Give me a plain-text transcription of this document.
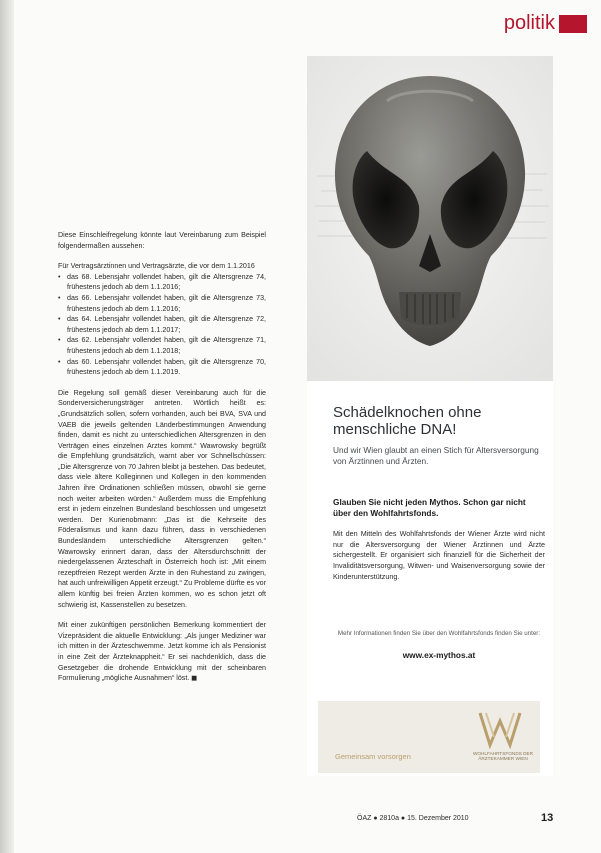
politik

Diese Einschleifregelung könnte laut Vereinbarung zum Beispiel folgendermaßen aussehen:

Für Vertragsärztinnen und Vertragsärzte, die vor dem 1.1.2016

• das 68. Lebensjahr vollendet haben, gilt die Altersgrenze 74, frühestens jedoch ab dem 1.1.2016;
• das 66. Lebensjahr vollendet haben, gilt die Altersgrenze 73, frühestens jedoch ab dem 1.1.2016;
• das 64. Lebensjahr vollendet haben, gilt die Altersgrenze 72, frühestens jedoch ab dem 1.1.2017;
• das 62. Lebensjahr vollendet haben, gilt die Altersgrenze 71, frühestens jedoch ab dem 1.1.2018;
• das 60. Lebensjahr vollendet haben, gilt die Altersgrenze 70, frühestens jedoch ab dem 1.1.2019.

Die Regelung soll gemäß dieser Vereinbarung auch für die Sonderversicherungsträger antreten. Wörtlich heißt es: „Grundsätzlich sollen, sofern vorhanden, auch bei BVA, SVA und VAEB die jeweils geltenden Länderbestimmungen Anwendung finden, damit es nicht zu unterschiedlichen Altersgrenzen in den Verträgen eines einzelnen Arztes kommt.“ Wawrowsky begrüßt die Empfehlung grundsätzlich, warnt aber vor Schnellschüssen: „Die Altersgrenze von 70 Jahren bleibt ja bestehen. Das bedeutet, dass viele ältere Kolleginnen und Kollegen in den kommenden Jahren ihre Ordinationen schließen müssen, obwohl sie gerne noch weiter arbeiten würden.“ Außerdem muss die Empfehlung erst in jedem einzelnen Bundesland beschlossen und umgesetzt werden. Der Kurienobmann: „Das ist die Kehrseite des Föderalismus und kann dazu führen, dass in verschiedenen Bundesländern unterschiedliche Altersgrenzen gelten.“ Wawrowsky erinnert daran, dass der Altersdurchschnitt der niedergelassenen Ärzteschaft in Österreich hoch ist: „Mit einem rezeptfreien Rezept werden Ärzte in den Ruhestand zu zwingen, hat auch unfreiwilligen Appetit erzeugt.“ Zu Probleme dürfte es vor allem künftig bei freien Ärzten kommen, wo es schon jetzt oft schwierig ist, Kassenstellen zu besetzen.

Mit einer zukünftigen persönlichen Bemerkung kommentiert der Vizepräsident die aktuelle Entwicklung: „Als junger Mediziner war ich mitten in der Ärzteschwemme. Jetzt komme ich als Pensionist in eine Zeit der Ärzteknappheit.“ Er sei nachdenklich, dass die Gesetzgeber die drohende Entwicklung mit der scheinbaren Formulierung „mögliche Ausnahmen“ löst. ◼

Schädelknochen ohne menschliche DNA!
Und wir Wien glaubt an einen Stich für Altersversorgung von Ärztinnen und Ärzten.
Glauben Sie nicht jeden Mythos. Schon gar nicht über den Wohlfahrtsfonds.
Mit den Mitteln des Wohlfahrtsfonds der Wiener Ärzte wird nicht nur die Altersversorgung der Wiener Ärztinnen und Ärzte sichergestellt. Er organisiert sich finanziell für die Sicherheit der Invaliditätsversorgung, Witwen- und Waisenversorgung sowie der Kinderunterstützung.
Mehr Informationen finden Sie über den Wohlfahrtsfonds finden Sie unter:
www.ex-mythos.at
Gemeinsam vorsorgen	WOHLFAHRTSFONDS DER ÄRZTEKAMMER WIEN
ÖAZ ● 2810a ● 15. Dezember 2010	13
